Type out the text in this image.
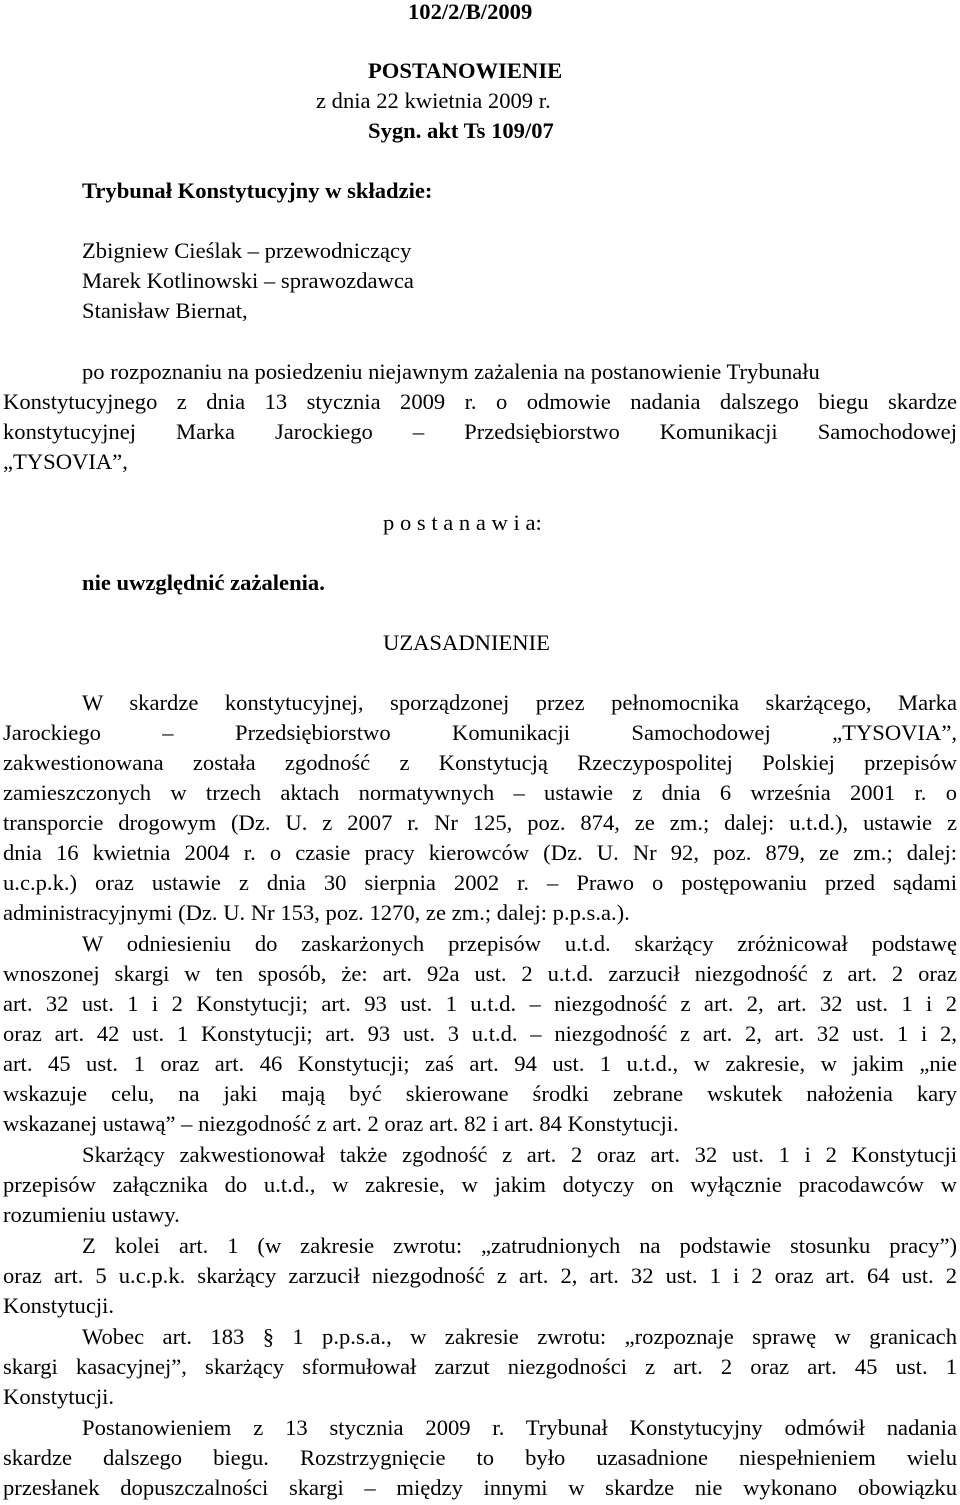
102/2/B/2009
POSTANOWIENIE
z dnia 22 kwietnia 2009 r.
Sygn. akt Ts 109/07
Trybunał Konstytucyjny w składzie:
Zbigniew Cieślak – przewodniczący
Marek Kotlinowski – sprawozdawca
Stanisław Biernat,
po rozpoznaniu na posiedzeniu niejawnym zażalenia na postanowienie Trybunału
Konstytucyjnego z dnia 13 stycznia 2009 r. o odmowie nadania dalszego biegu skardze
konstytucyjnej Marka Jarockiego – Przedsiębiorstwo Komunikacji Samochodowej
„TYSOVIA”,
p o s t a n a w i a:
nie uwzględnić zażalenia.
UZASADNIENIE
W skardze konstytucyjnej, sporządzonej przez pełnomocnika skarżącego, Marka
Jarockiego – Przedsiębiorstwo Komunikacji Samochodowej „TYSOVIA”,
zakwestionowana została zgodność z Konstytucją Rzeczypospolitej Polskiej przepisów
zamieszczonych w trzech aktach normatywnych – ustawie z dnia 6 września 2001 r. o
transporcie drogowym (Dz. U. z 2007 r. Nr 125, poz. 874, ze zm.; dalej: u.t.d.), ustawie z
dnia 16 kwietnia 2004 r. o czasie pracy kierowców (Dz. U. Nr 92, poz. 879, ze zm.; dalej:
u.c.p.k.) oraz ustawie z dnia 30 sierpnia 2002 r. – Prawo o postępowaniu przed sądami
administracyjnymi (Dz. U. Nr 153, poz. 1270, ze zm.; dalej: p.p.s.a.).
W odniesieniu do zaskarżonych przepisów u.t.d. skarżący zróżnicował podstawę
wnoszonej skargi w ten sposób, że: art. 92a ust. 2 u.t.d. zarzucił niezgodność z art. 2 oraz
art. 32 ust. 1 i 2 Konstytucji; art. 93 ust. 1 u.t.d. – niezgodność z art. 2, art. 32 ust. 1 i 2
oraz art. 42 ust. 1 Konstytucji; art. 93 ust. 3 u.t.d. – niezgodność z art. 2, art. 32 ust. 1 i 2,
art. 45 ust. 1 oraz art. 46 Konstytucji; zaś art. 94 ust. 1 u.t.d., w zakresie, w jakim „nie
wskazuje celu, na jaki mają być skierowane środki zebrane wskutek nałożenia kary
wskazanej ustawą” – niezgodność z art. 2 oraz art. 82 i art. 84 Konstytucji.
Skarżący zakwestionował także zgodność z art. 2 oraz art. 32 ust. 1 i 2 Konstytucji
przepisów załącznika do u.t.d., w zakresie, w jakim dotyczy on wyłącznie pracodawców w
rozumieniu ustawy.
Z kolei art. 1 (w zakresie zwrotu: „zatrudnionych na podstawie stosunku pracy”)
oraz art. 5 u.c.p.k. skarżący zarzucił niezgodność z art. 2, art. 32 ust. 1 i 2 oraz art. 64 ust. 2
Konstytucji.
Wobec art. 183 § 1 p.p.s.a., w zakresie zwrotu: „rozpoznaje sprawę w granicach
skargi kasacyjnej”, skarżący sformułował zarzut niezgodności z art. 2 oraz art. 45 ust. 1
Konstytucji.
Postanowieniem z 13 stycznia 2009 r. Trybunał Konstytucyjny odmówił nadania
skardze dalszego biegu. Rozstrzygnięcie to było uzasadnione niespełnieniem wielu
przesłanek dopuszczalności skargi – między innymi w skardze nie wykonano obowiązku
